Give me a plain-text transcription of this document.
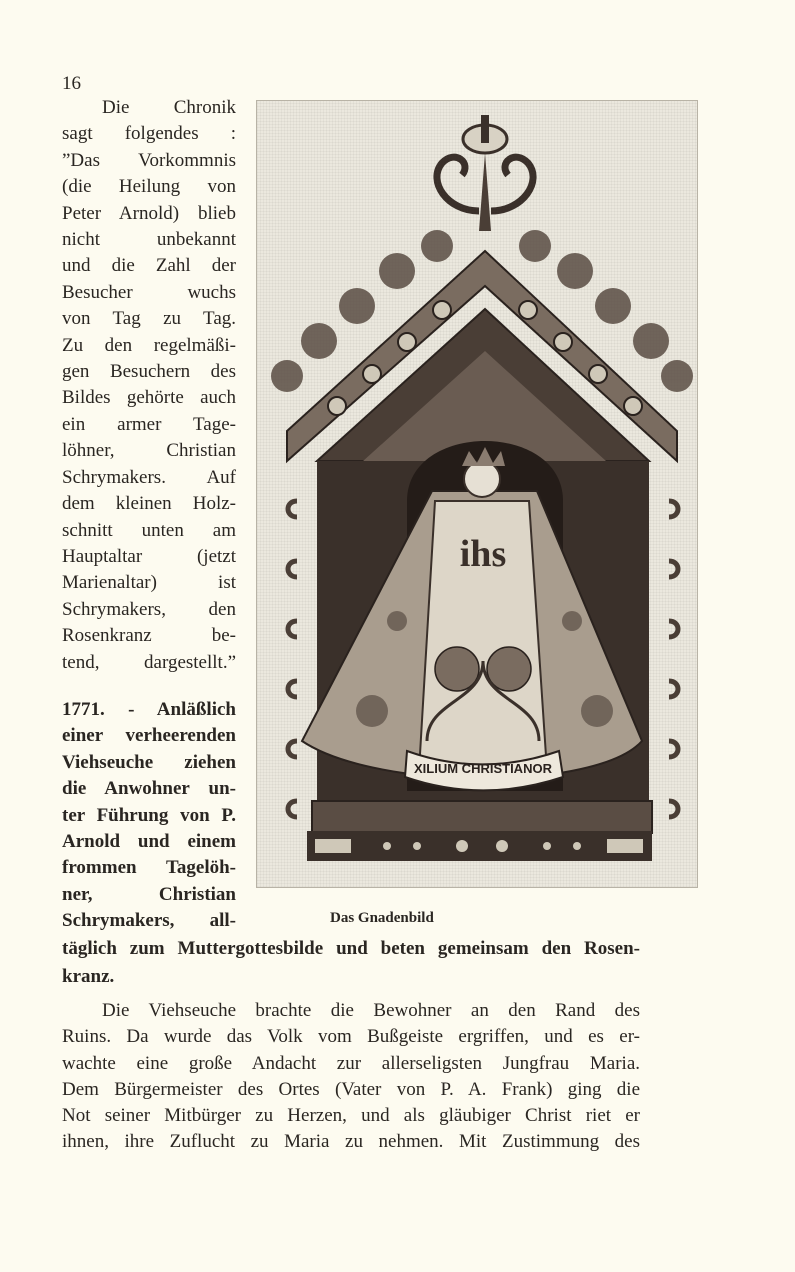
16

Die Chronik
sagt folgendes :
”Das Vorkommnis
(die Heilung von
Peter Arnold) blieb
nicht unbekannt
und die Zahl der
Besucher wuchs
von Tag zu Tag.
Zu den regelmäßi-
gen Besuchern des
Bildes gehörte auch
ein armer Tage-
löhner, Christian
Schrymakers. Auf
dem kleinen Holz-
schnitt unten am
Hauptaltar (jetzt
Marienaltar) ist
Schrymakers, den
Rosenkranz be-
tend, dargestellt.”

1771. - Anläßlich
einer verheerenden
Viehseuche ziehen
die Anwohner un-
ter Führung von P.
Arnold und einem
frommen Tagelöh-
ner, Christian
Schrymakers, all-
täglich zum Muttergottesbilde und beten gemeinsam den Rosen-
kranz.
ihs
XILIUM CHRISTIANOR
Das Gnadenbild
Die Viehseuche brachte die Bewohner an den Rand des
Ruins. Da wurde das Volk vom Bußgeiste ergriffen, und es er-
wachte eine große Andacht zur allerseligsten Jungfrau Maria.
Dem Bürgermeister des Ortes (Vater von P. A. Frank) ging die
Not seiner Mitbürger zu Herzen, und als gläubiger Christ riet er
ihnen, ihre Zuflucht zu Maria zu nehmen. Mit Zustimmung des
